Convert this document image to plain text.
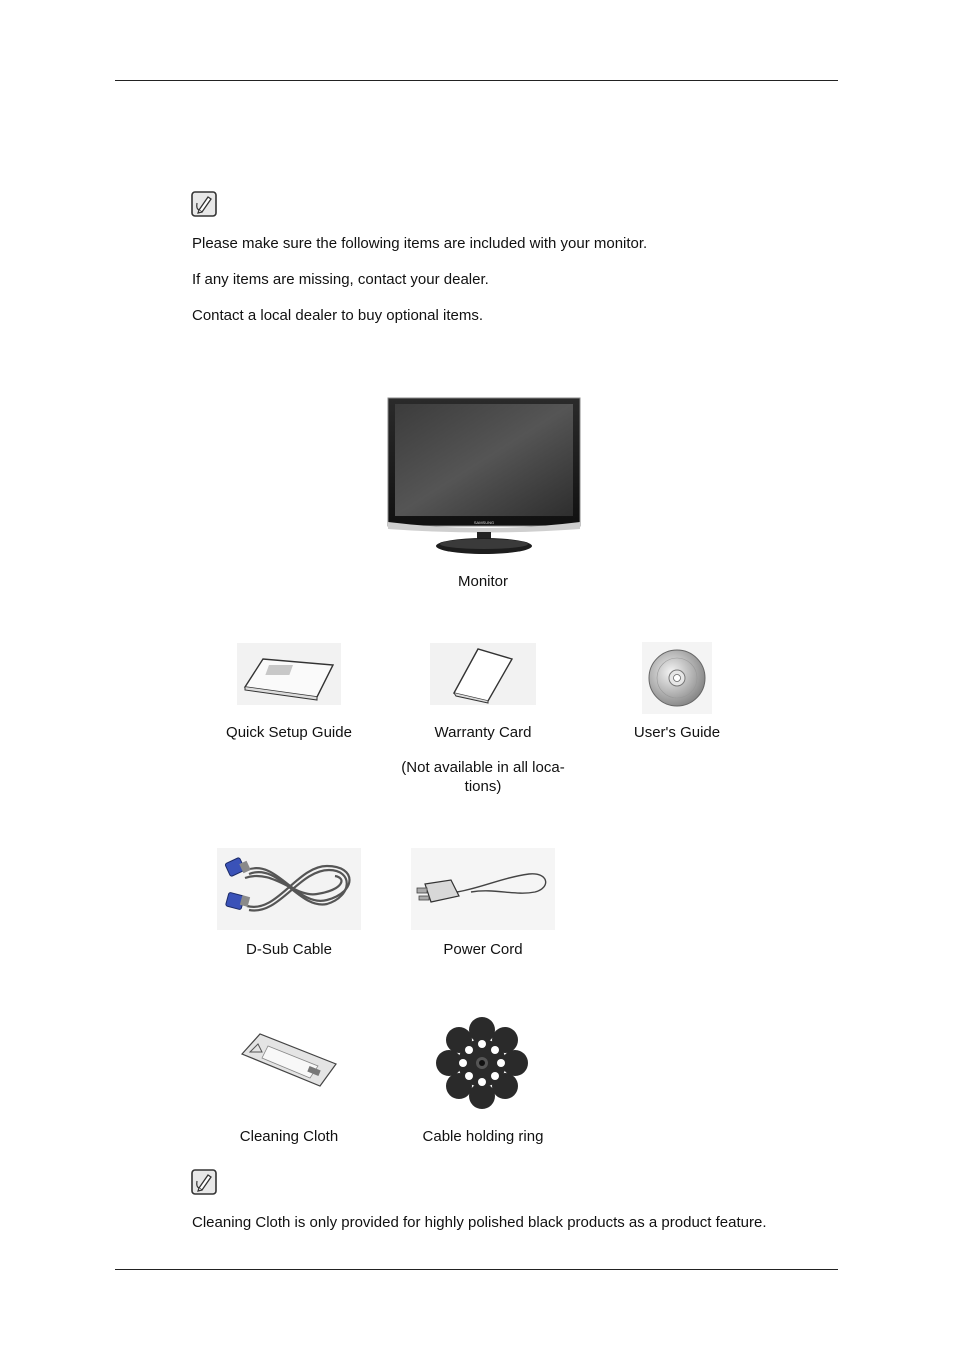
Please make sure the following items are included with your monitor.
If any items are missing, contact your dealer.
Contact a local dealer to buy optional items.
SAMSUNG
Monitor
Quick Setup Guide	Warranty Card
(Not available in all loca-
tions)
User's Guide
D-Sub Cable	Power Cord
Cleaning Cloth	Cable holding ring
Cleaning Cloth is only provided for highly polished black products as a product feature.
